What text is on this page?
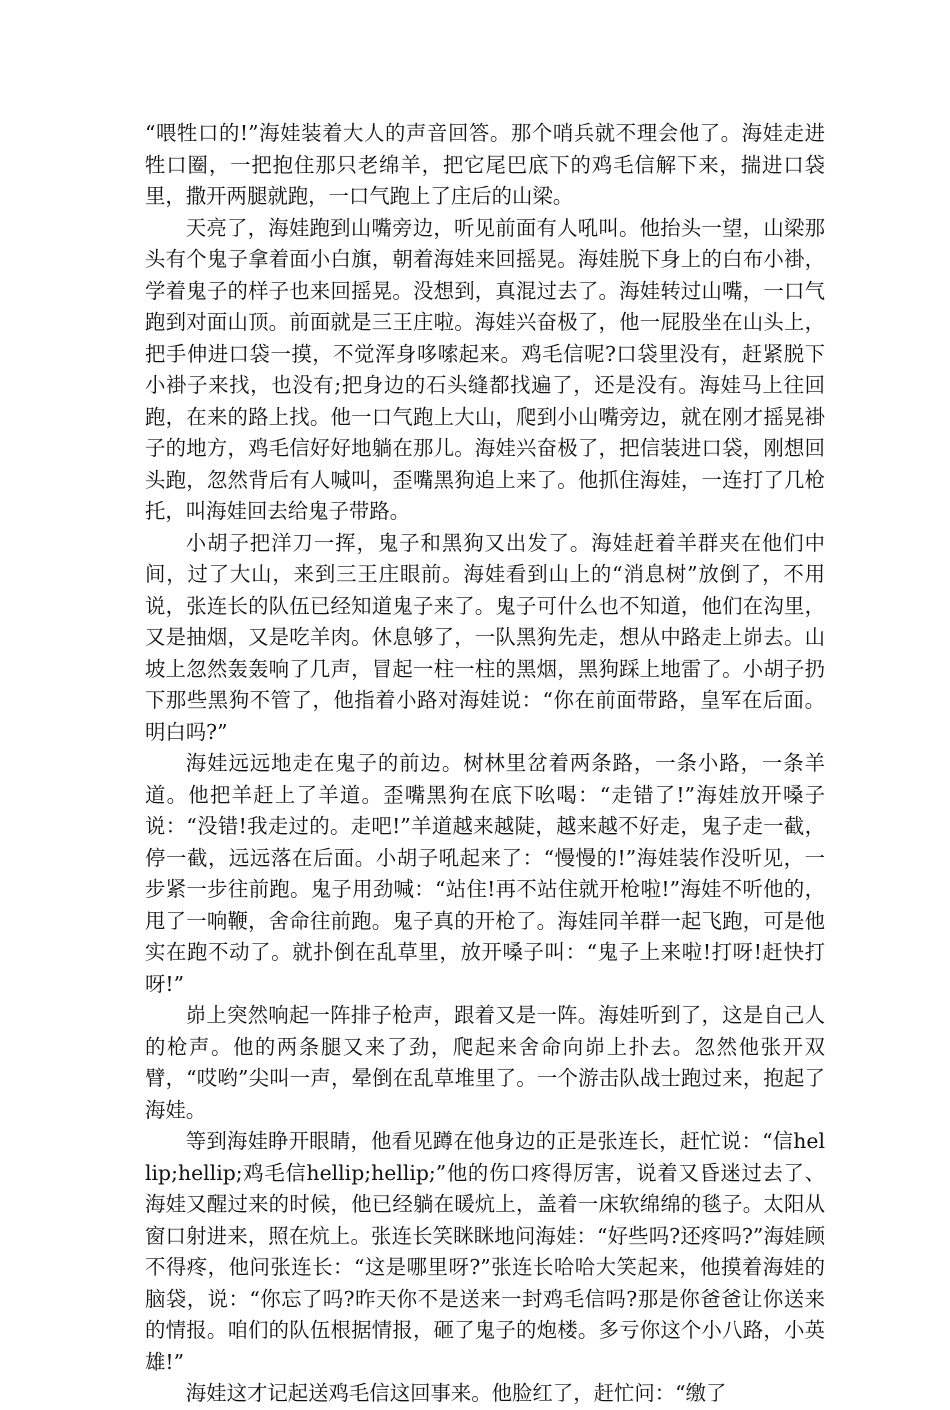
“喂牲口的!”海娃装着大人的声音回答。那个哨兵就不理会他了。海娃走进牲口圈，一把抱住那只老绵羊，把它尾巴底下的鸡毛信解下来，揣进口袋里，撒开两腿就跑，一口气跑上了庄后的山梁。

天亮了，海娃跑到山嘴旁边，听见前面有人吼叫。他抬头一望，山梁那头有个鬼子拿着面小白旗，朝着海娃来回摇晃。海娃脱下身上的白布小褂，学着鬼子的样子也来回摇晃。没想到，真混过去了。海娃转过山嘴，一口气跑到对面山顶。前面就是三王庄啦。海娃兴奋极了，他一屁股坐在山头上，把手伸进口袋一摸，不觉浑身哆嗦起来。鸡毛信呢?口袋里没有，赶紧脱下小褂子来找，也没有;把身边的石头缝都找遍了，还是没有。海娃马上往回跑，在来的路上找。他一口气跑上大山，爬到小山嘴旁边，就在刚才摇晃褂子的地方，鸡毛信好好地躺在那儿。海娃兴奋极了，把信装进口袋，刚想回头跑，忽然背后有人喊叫，歪嘴黑狗追上来了。他抓住海娃，一连打了几枪托，叫海娃回去给鬼子带路。

小胡子把洋刀一挥，鬼子和黑狗又出发了。海娃赶着羊群夹在他们中间，过了大山，来到三王庄眼前。海娃看到山上的“消息树”放倒了，不用说，张连长的队伍已经知道鬼子来了。鬼子可什么也不知道，他们在沟里，又是抽烟，又是吃羊肉。休息够了，一队黑狗先走，想从中路走上峁去。山坡上忽然轰轰响了几声，冒起一柱一柱的黑烟，黑狗踩上地雷了。小胡子扔下那些黑狗不管了，他指着小路对海娃说：“你在前面带路，皇军在后面。明白吗?”

海娃远远地走在鬼子的前边。树林里岔着两条路，一条小路，一条羊道。他把羊赶上了羊道。歪嘴黑狗在底下吆喝：“走错了!”海娃放开嗓子说：“没错!我走过的。走吧!”羊道越来越陡，越来越不好走，鬼子走一截，停一截，远远落在后面。小胡子吼起来了：“慢慢的!”海娃装作没听见，一步紧一步往前跑。鬼子用劲喊：“站住!再不站住就开枪啦!”海娃不听他的，甩了一响鞭，舍命往前跑。鬼子真的开枪了。海娃同羊群一起飞跑，可是他实在跑不动了。就扑倒在乱草里，放开嗓子叫：“鬼子上来啦!打呀!赶快打呀!”

峁上突然响起一阵排子枪声，跟着又是一阵。海娃听到了，这是自己人的枪声。他的两条腿又来了劲，爬起来舍命向峁上扑去。忽然他张开双臂，“哎哟”尖叫一声，晕倒在乱草堆里了。一个游击队战士跑过来，抱起了海娃。

等到海娃睁开眼睛，他看见蹲在他身边的正是张连长，赶忙说：“信hellip;hellip;鸡毛信hellip;hellip;”他的伤口疼得厉害，说着又昏迷过去了、海娃又醒过来的时候，他已经躺在暖炕上，盖着一床软绵绵的毯子。太阳从窗口射进来，照在炕上。张连长笑眯眯地问海娃：“好些吗?还疼吗?”海娃顾不得疼，他问张连长：“这是哪里呀?”张连长哈哈大笑起来，他摸着海娃的脑袋，说：“你忘了吗?昨天你不是送来一封鸡毛信吗?那是你爸爸让你送来的情报。咱们的队伍根据情报，砸了鬼子的炮楼。多亏你这个小八路，小英雄!”

海娃这才记起送鸡毛信这回事来。他脸红了，赶忙问：“缴了
